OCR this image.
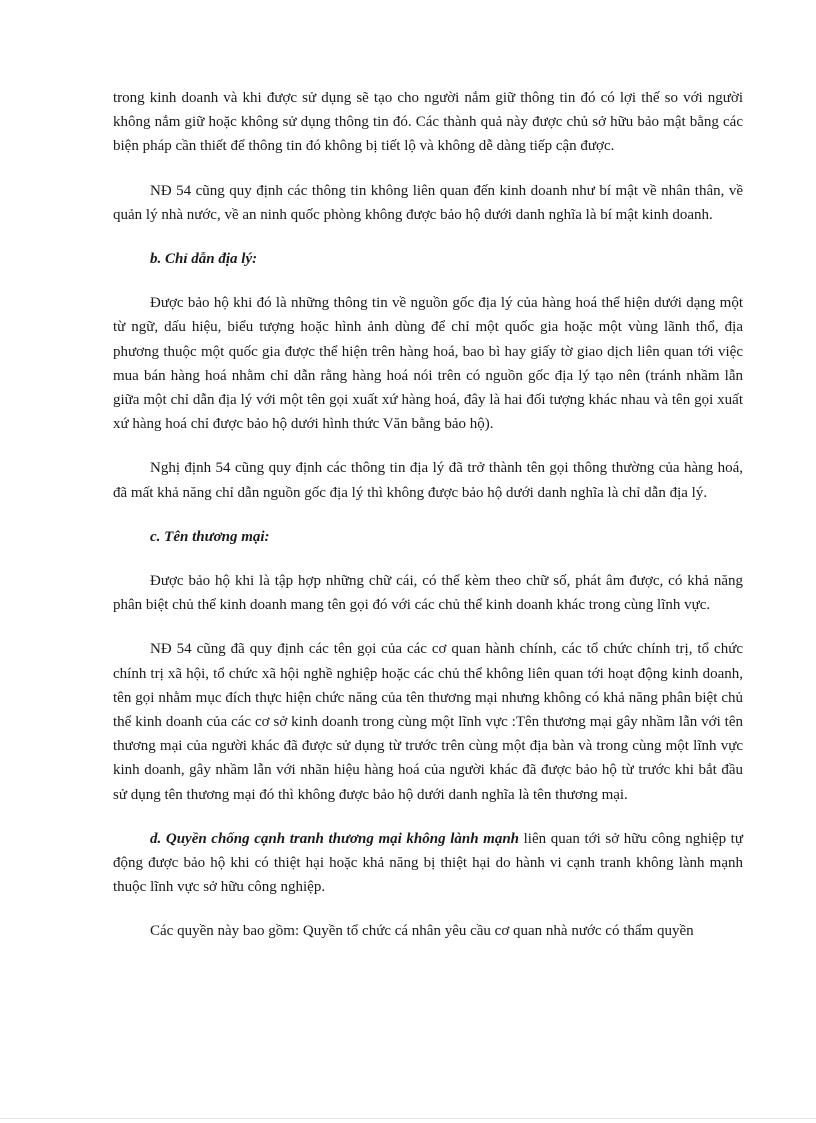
trong kinh doanh và khi được sử dụng sẽ tạo cho người nắm giữ thông tin đó có lợi thế so với người không nắm giữ hoặc không sử dụng thông tin đó. Các thành quả này được chủ sở hữu bảo mật bằng các biện pháp cần thiết để thông tin đó không bị tiết lộ và không dễ dàng tiếp cận được.

NĐ 54 cũng quy định các thông tin không liên quan đến kinh doanh như bí mật về nhân thân, về quản lý nhà nước, về an ninh quốc phòng không được bảo hộ dưới danh nghĩa là bí mật kinh doanh.

b. Chỉ dẫn địa lý:

Được bảo hộ khi đó là những thông tin về nguồn gốc địa lý của hàng hoá thể hiện dưới dạng một từ ngữ, dấu hiệu, biểu tượng hoặc hình ảnh dùng để chỉ một quốc gia hoặc một vùng lãnh thổ, địa phương thuộc một quốc gia được thể hiện trên hàng hoá, bao bì hay giấy tờ giao dịch liên quan tới việc mua bán hàng hoá nhằm chỉ dẫn rằng hàng hoá nói trên có nguồn gốc địa lý tạo nên (tránh nhầm lẫn giữa một chỉ dẫn địa lý với một tên gọi xuất xứ hàng hoá, đây là hai đối tượng khác nhau và tên gọi xuất xứ hàng hoá chỉ được bảo hộ dưới hình thức Văn bằng bảo hộ).

Nghị định 54 cũng quy định các thông tin địa lý đã trở thành tên gọi thông thường của hàng hoá, đã mất khả năng chỉ dẫn nguồn gốc địa lý thì không được bảo hộ dưới danh nghĩa là chỉ dẫn địa lý.

c. Tên thương mại:

Được bảo hộ khi là tập hợp những chữ cái, có thể kèm theo chữ số, phát âm được, có khả năng phân biệt chủ thể kinh doanh mang tên gọi đó với các chủ thể kinh doanh khác trong cùng lĩnh vực.

NĐ 54 cũng đã quy định các tên gọi của các cơ quan hành chính, các tổ chức chính trị, tổ chức chính trị xã hội, tổ chức xã hội nghề nghiệp hoặc các chủ thể không liên quan tới hoạt động kinh doanh, tên gọi nhằm mục đích thực hiện chức năng của tên thương mại nhưng không có khả năng phân biệt chủ thể kinh doanh của các cơ sở kinh doanh trong cùng một lĩnh vực :Tên thương mại gây nhầm lẫn với tên thương mại của người khác đã được sử dụng từ trước trên cùng một địa bàn và trong cùng một lĩnh vực kinh doanh, gây nhầm lẫn với nhãn hiệu hàng hoá của người khác đã được bảo hộ từ trước khi bắt đầu sử dụng tên thương mại đó thì không được bảo hộ dưới danh nghĩa là tên thương mại.

d. Quyền chống cạnh tranh thương mại không lành mạnh liên quan tới sở hữu công nghiệp tự động được bảo hộ khi có thiệt hại hoặc khả năng bị thiệt hại do hành vi cạnh tranh không lành mạnh thuộc lĩnh vực sở hữu công nghiệp.

Các quyền này bao gồm: Quyền tổ chức cá nhân yêu cầu cơ quan nhà nước có thẩm quyền
